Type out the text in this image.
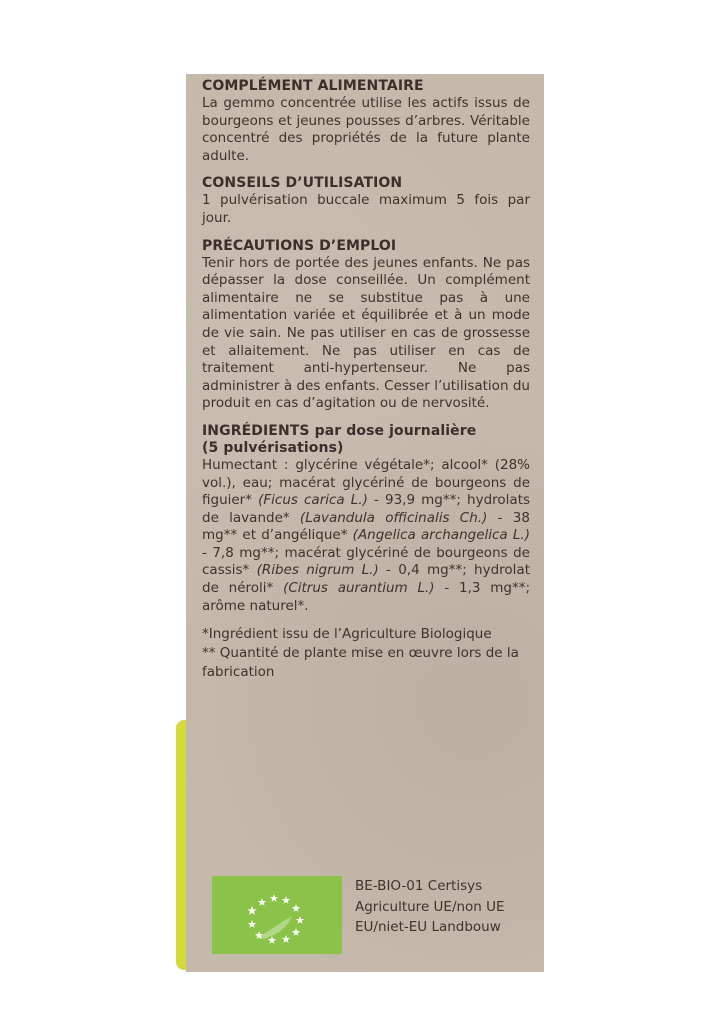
COMPLÉMENT ALIMENTAIRE

La gemmo concentrée utilise les actifs issus de bourgeons et jeunes pousses d’arbres. Véritable concentré des propriétés de la future plante adulte.

CONSEILS D’UTILISATION

1 pulvérisation buccale maximum 5 fois par jour.

PRÉCAUTIONS D’EMPLOI

Tenir hors de portée des jeunes enfants. Ne pas dépasser la dose conseillée. Un complément alimentaire ne se substitue pas à une alimentation variée et équilibrée et à un mode de vie sain. Ne pas utiliser en cas de grossesse et allaitement. Ne pas utiliser en cas de traitement anti-hypertenseur. Ne pas administrer à des enfants. Cesser l’utilisation du produit en cas d’agitation ou de nervosité.

INGRÉDIENTS par dose journalière
(5 pulvérisations)

Humectant : glycérine végétale*; alcool* (28% vol.), eau; macérat glycériné de bourgeons de figuier* (Ficus carica L.) - 93,9 mg**; hydrolats de lavande* (Lavandula officinalis Ch.) - 38 mg** et d’angélique* (Angelica archangelica L.) - 7,8 mg**; macérat glycériné de bourgeons de cassis* (Ribes nigrum L.) - 0,4 mg**; hydrolat de néroli* (Citrus aurantium L.) - 1,3 mg**; arôme naturel*.

*Ingrédient issu de l’Agriculture Biologique

** Quantité de plante mise en œuvre lors de la fabrication

BE-BIO-01 Certisys
Agriculture UE/non UE
EU/niet-EU Landbouw
